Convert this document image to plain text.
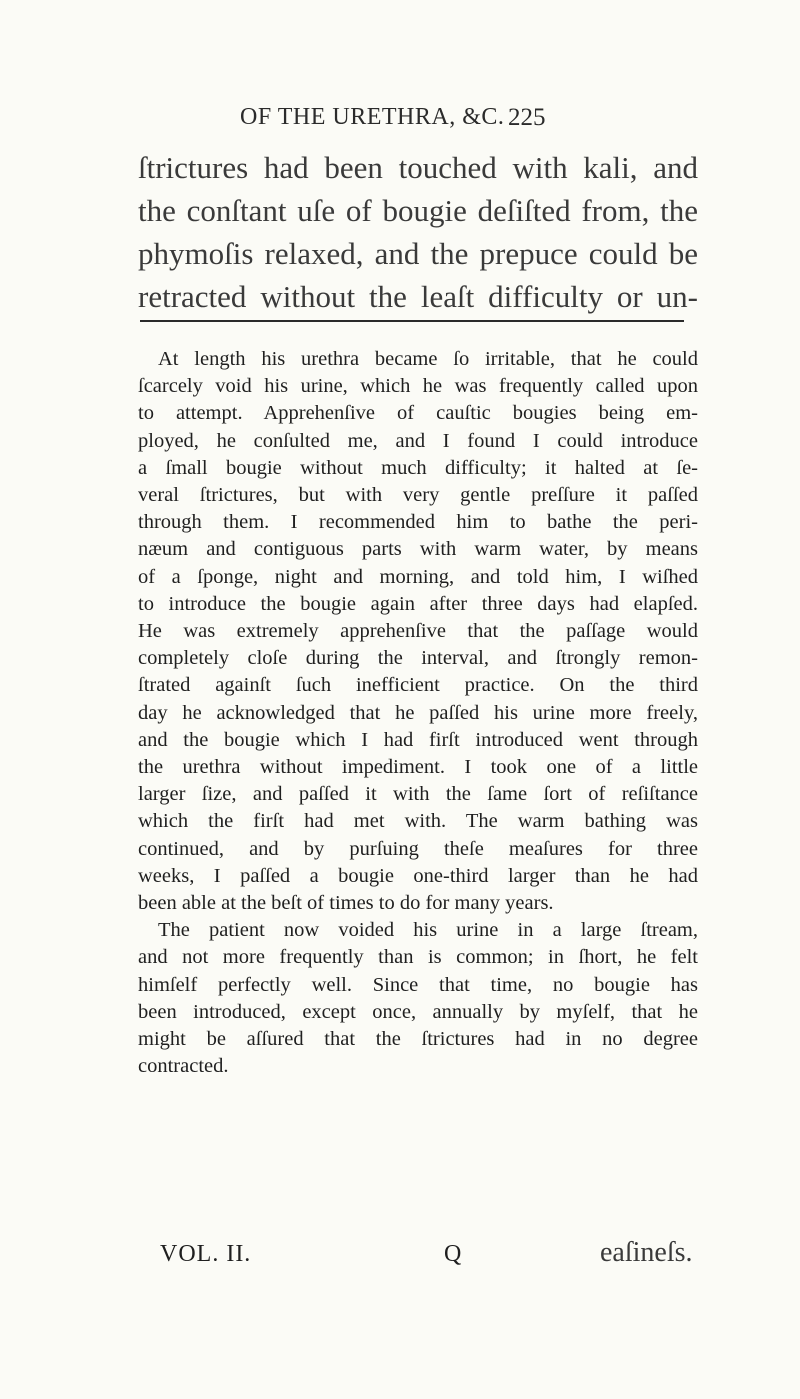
OF THE URETHRA, &C. 225
ſtrictures had been touched with kali, and
the conſtant uſe of bougie deſiſted from, the
phymoſis relaxed, and the prepuce could be
retracted without the leaſt difficulty or un-
At length his urethra became ſo irritable, that he could
ſcarcely void his urine, which he was frequently called upon
to attempt. Apprehenſive of cauſtic bougies being em-
ployed, he conſulted me, and I found I could introduce
a ſmall bougie without much difficulty; it halted at ſe-
veral ſtrictures, but with very gentle preſſure it paſſed
through them. I recommended him to bathe the peri-
næum and contiguous parts with warm water, by means
of a ſponge, night and morning, and told him, I wiſhed
to introduce the bougie again after three days had elapſed.
He was extremely apprehenſive that the paſſage would
completely cloſe during the interval, and ſtrongly remon-
ſtrated againſt ſuch inefficient practice. On the third
day he acknowledged that he paſſed his urine more freely,
and the bougie which I had firſt introduced went through
the urethra without impediment. I took one of a little
larger ſize, and paſſed it with the ſame ſort of reſiſtance
which the firſt had met with. The warm bathing was
continued, and by purſuing theſe meaſures for three
weeks, I paſſed a bougie one-third larger than he had
been able at the beſt of times to do for many years.
The patient now voided his urine in a large ſtream,
and not more frequently than is common; in ſhort, he felt
himſelf perfectly well. Since that time, no bougie has
been introduced, except once, annually by myſelf, that he
might be aſſured that the ſtrictures had in no degree
contracted.
VOL. II.	Q	eaſineſs.
